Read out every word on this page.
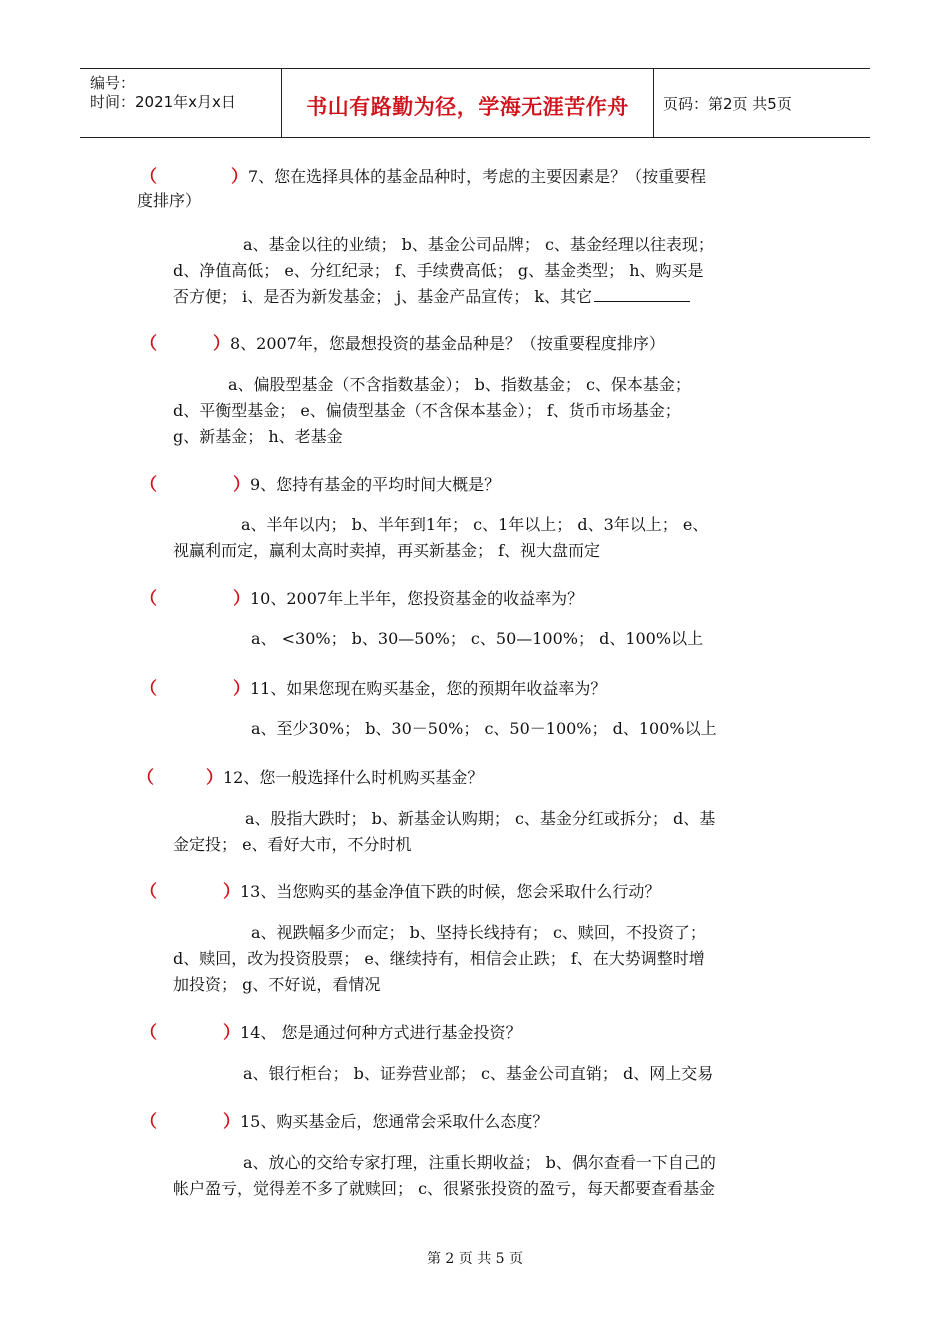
编号：
时间：2021年x月x日	书山有路勤为径，学海无涯苦作舟	页码：第2页 共5页
（	）7、您在选择具体的基金品种时，考虑的主要因素是？（按重要程
度排序）
a、基金以往的业绩； b、基金公司品牌； c、基金经理以往表现；
d、净值高低； e、分红纪录； f、手续费高低； g、基金类型； h、购买是
否方便； i、是否为新发基金； j、基金产品宣传； k、其它
（	）8、2007年，您最想投资的基金品种是？（按重要程度排序）
a、偏股型基金（不含指数基金）； b、指数基金； c、保本基金；
d、平衡型基金； e、偏债型基金（不含保本基金）； f、货币市场基金；
g、新基金； h、老基金
（	）9、您持有基金的平均时间大概是？
a、半年以内； b、半年到1年； c、1年以上； d、3年以上； e、
视赢利而定，赢利太高时卖掉，再买新基金； f、视大盘而定
（	）10、2007年上半年，您投资基金的收益率为？
a、 <30%； b、30—50%； c、50—100%； d、100%以上
（	）11、如果您现在购买基金，您的预期年收益率为？
a、至少30%； b、30－50%； c、50－100%； d、100%以上
（	）12、您一般选择什么时机购买基金？
a、股指大跌时； b、新基金认购期； c、基金分红或拆分； d、基
金定投； e、看好大市，不分时机
（	）13、当您购买的基金净值下跌的时候，您会采取什么行动？
a、视跌幅多少而定； b、坚持长线持有； c、赎回，不投资了；
d、赎回，改为投资股票； e、继续持有，相信会止跌； f、在大势调整时增
加投资； g、不好说，看情况
（	）14、 您是通过何种方式进行基金投资？
a、银行柜台； b、证券营业部； c、基金公司直销； d、网上交易
（	）15、购买基金后，您通常会采取什么态度？
a、放心的交给专家打理，注重长期收益； b、偶尔查看一下自己的
帐户盈亏，觉得差不多了就赎回； c、很紧张投资的盈亏，每天都要查看基金
第 2 页 共 5 页
